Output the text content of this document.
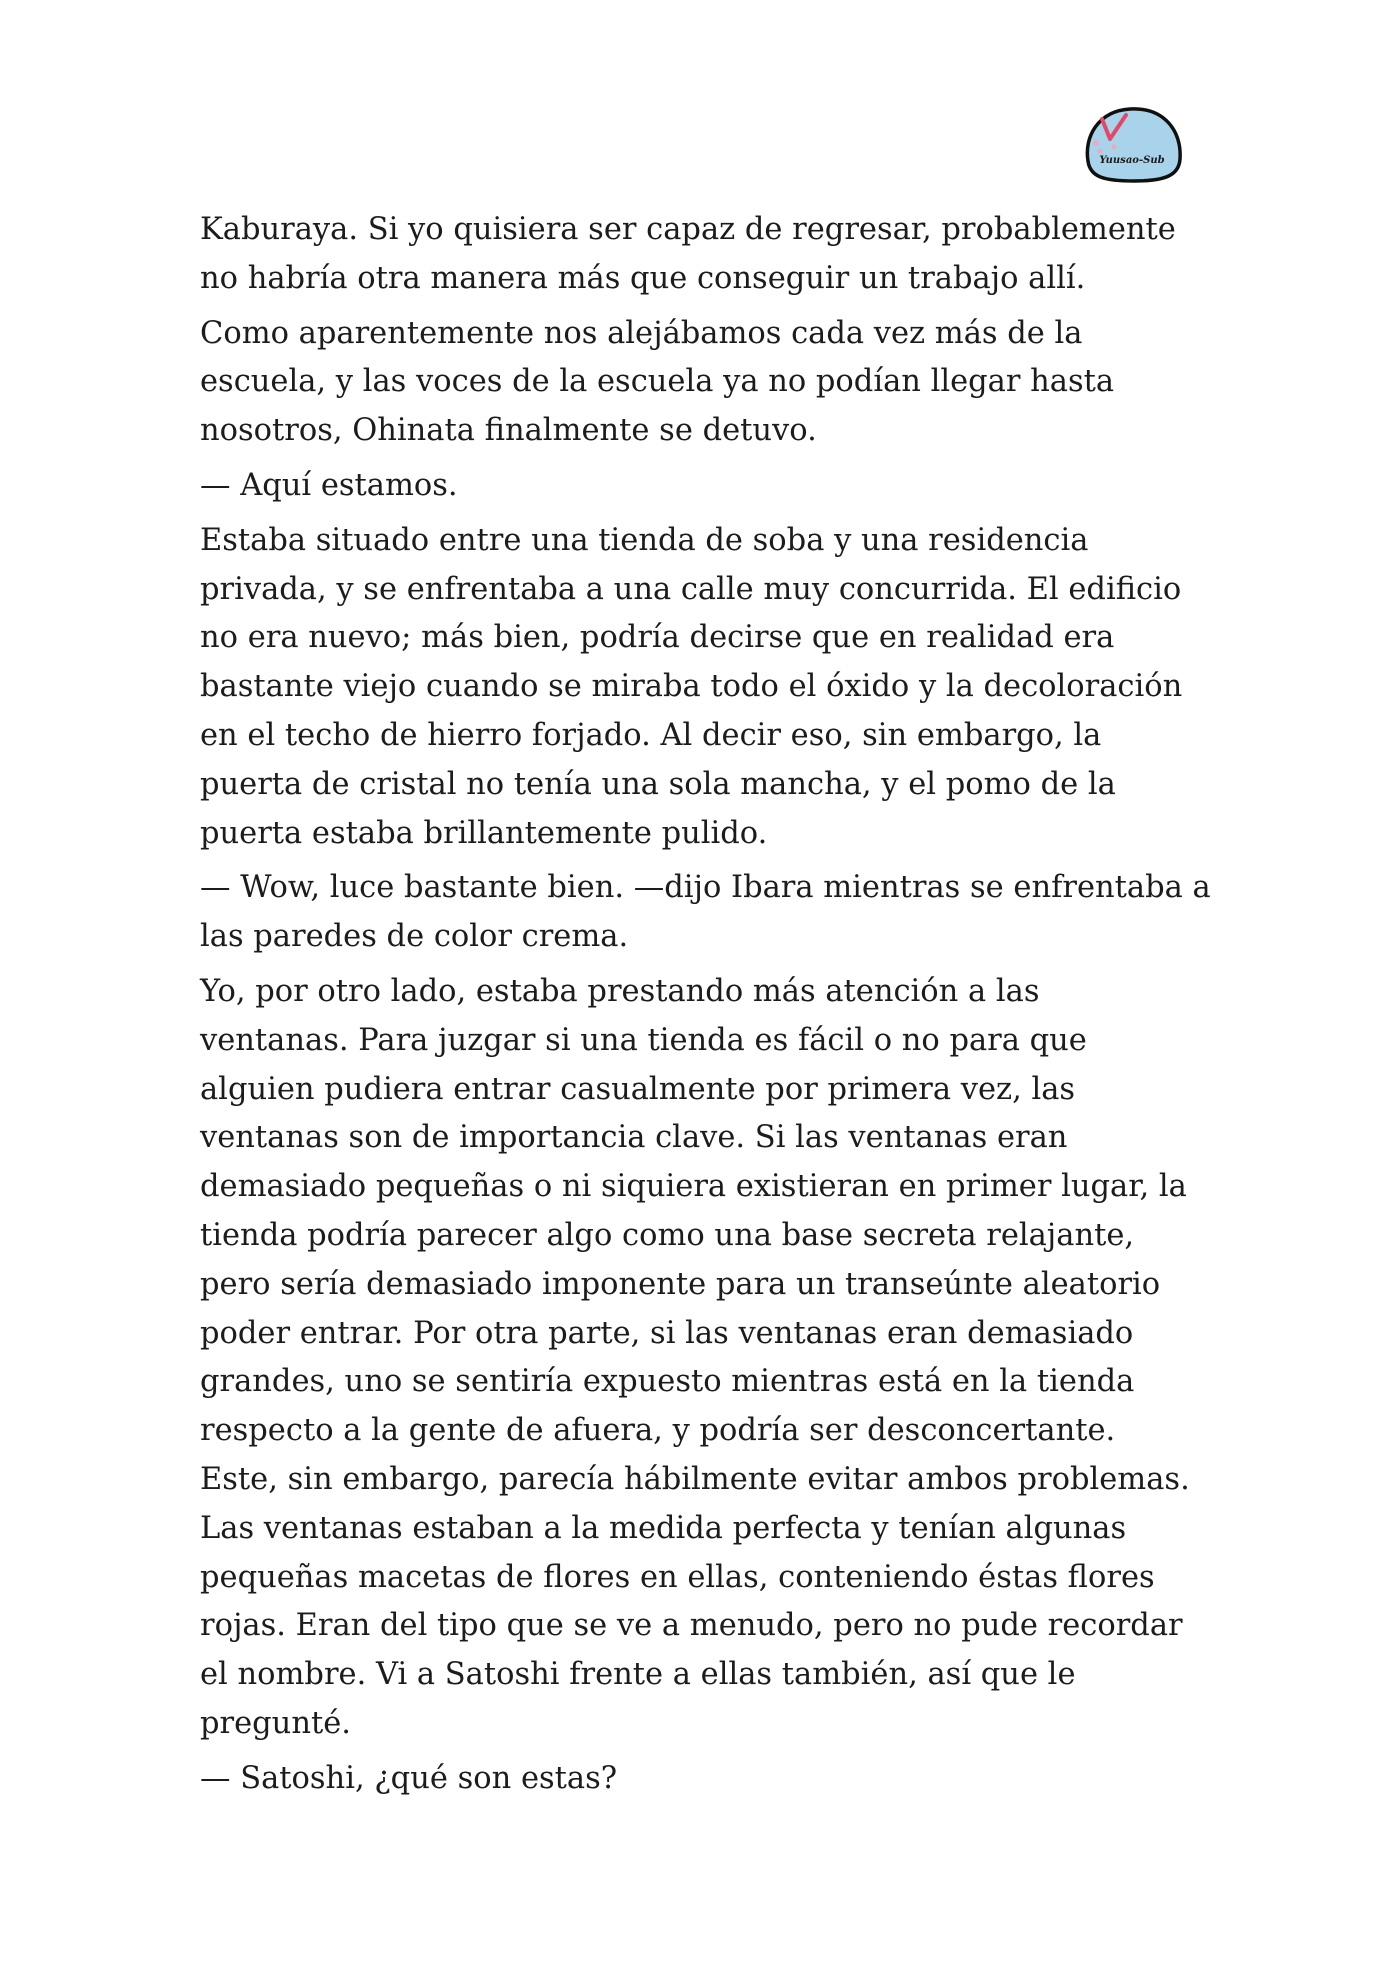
Yuusao-Sub

Kaburaya. Si yo quisiera ser capaz de regresar, probablemente
no habría otra manera más que conseguir un trabajo allí.

Como aparentemente nos alejábamos cada vez más de la
escuela, y las voces de la escuela ya no podían llegar hasta
nosotros, Ohinata finalmente se detuvo.

— Aquí estamos.

Estaba situado entre una tienda de soba y una residencia
privada, y se enfrentaba a una calle muy concurrida. El edificio
no era nuevo; más bien, podría decirse que en realidad era
bastante viejo cuando se miraba todo el óxido y la decoloración
en el techo de hierro forjado. Al decir eso, sin embargo, la
puerta de cristal no tenía una sola mancha, y el pomo de la
puerta estaba brillantemente pulido.

— Wow, luce bastante bien. —dijo Ibara mientras se enfrentaba a
las paredes de color crema.

Yo, por otro lado, estaba prestando más atención a las
ventanas. Para juzgar si una tienda es fácil o no para que
alguien pudiera entrar casualmente por primera vez, las
ventanas son de importancia clave. Si las ventanas eran
demasiado pequeñas o ni siquiera existieran en primer lugar, la
tienda podría parecer algo como una base secreta relajante,
pero sería demasiado imponente para un transeúnte aleatorio
poder entrar. Por otra parte, si las ventanas eran demasiado
grandes, uno se sentiría expuesto mientras está en la tienda
respecto a la gente de afuera, y podría ser desconcertante.
Este, sin embargo, parecía hábilmente evitar ambos problemas.
Las ventanas estaban a la medida perfecta y tenían algunas
pequeñas macetas de flores en ellas, conteniendo éstas flores
rojas. Eran del tipo que se ve a menudo, pero no pude recordar
el nombre. Vi a Satoshi frente a ellas también, así que le
pregunté.

— Satoshi, ¿qué son estas?
